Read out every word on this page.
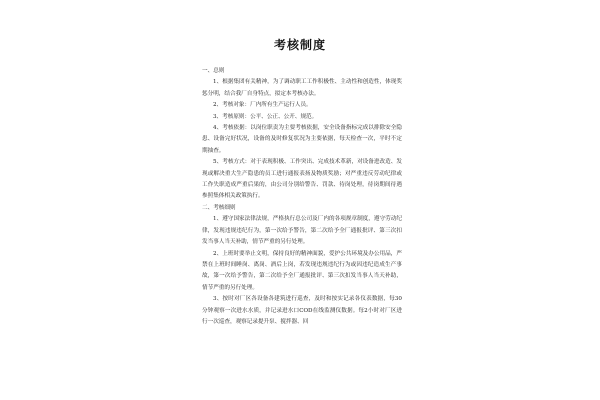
考核制度

一、总则

1、根据集团有关精神，为了调动职工工作积极性、主动性和创造性，体现奖惩分明，结合我厂自身特点，拟定本考核办法。

2、考核对象：厂内所有生产运行人员。

3、考核原则：公平、公正、公开、规范。

4、考核依据：以岗位职责为主要考核依据，安全设备指标完成以排除安全隐患、设备完好状况，设备的及时修复状况为主要依据，每天检查一次，平时不定期抽查。

5、考核方式：对于表现积极、工作突出、完成技术革新，对设备进改造、发现或解决重大生产隐患的员工进行通报表扬及物质奖励；对严重违反劳动纪律或工作失职造成严重后果的，由公司分别给警告、罚款、待岗处理，待岗期间待遇参照集体相关政策执行。

二、考核细则

1、遵守国家法律法规，严格执行总公司及厂内的各项规章制度，遵守劳动纪律，发现违规违纪行为，第一次给予警告，第二次给予全厂通报批评、第三次扣发当事人当天补助，情节严重的另行处理。

2、上班时要举止文明，保持良好的精神面貌，爱护公共环境及办公用品，严禁在上班时间睡岗、离岗、酒后上岗，若发现违规违纪行为或因违纪造成生产事故，第一次给予警告，第二次给予全厂通报批评、第三次扣发当事人当天补助，情节严重的另行处理。

3、按时对厂区各设备各建筑进行巡查，及时和按实记录各仪表数据，每30分钟观察一次进水水质，并记录进水口COD在线监测仪数据。每2小时对厂区进行一次巡查，观察记录提升泵、搅拌器、回
